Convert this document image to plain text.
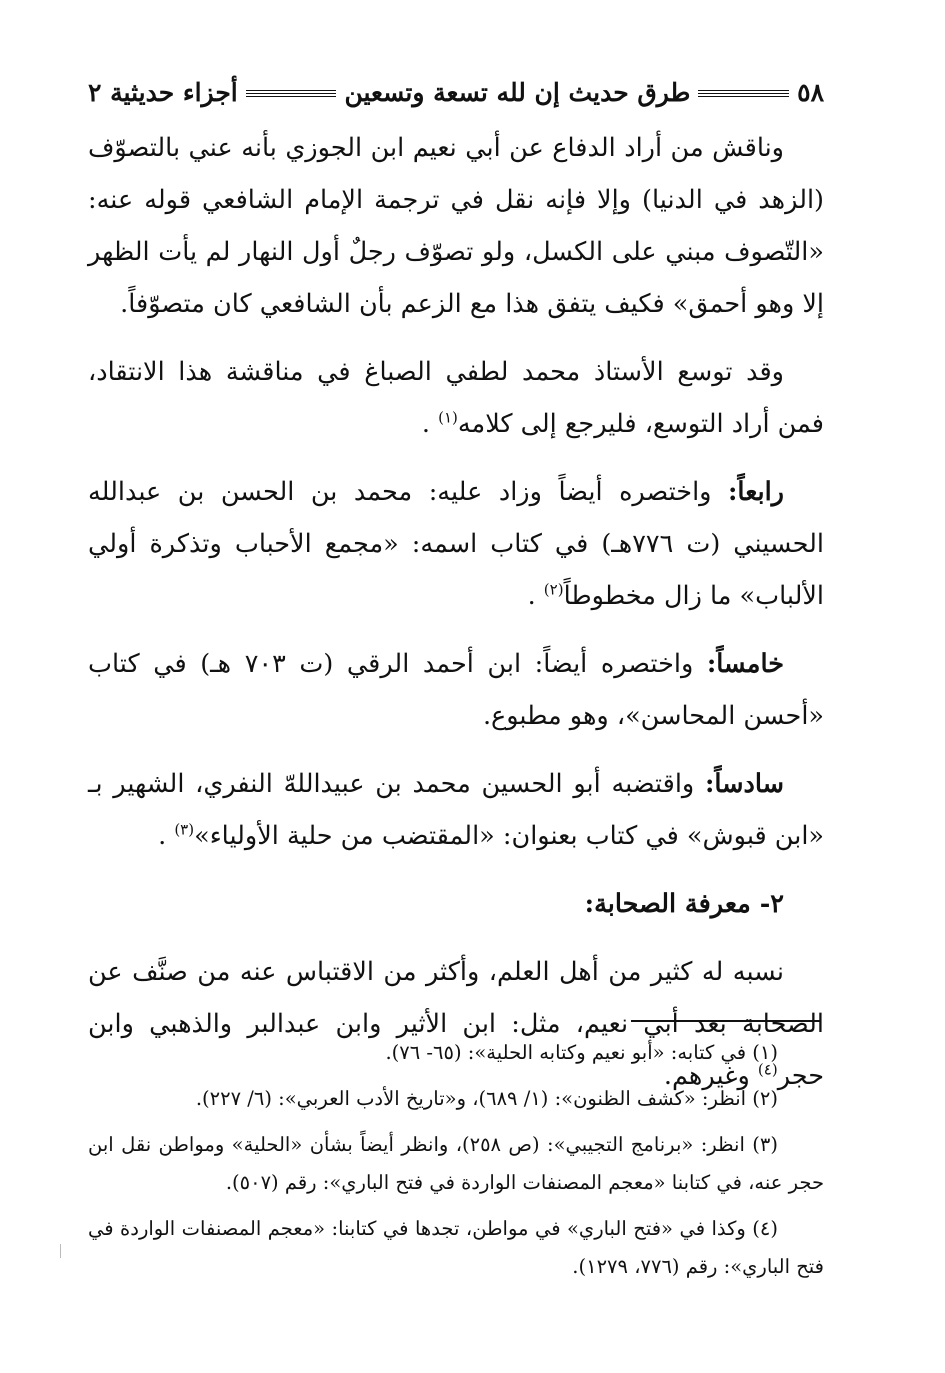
٥٨
طرق حديث إن لله تسعة وتسعين
أجزاء حديثية ٢

وناقش من أراد الدفاع عن أبي نعيم ابن الجوزي بأنه عني بالتصوّف (الزهد في الدنيا) وإلا فإنه نقل في ترجمة الإمام الشافعي قوله عنه: «التّصوف مبني على الكسل، ولو تصوّف رجلٌ أول النهار لم يأت الظهر إلا وهو أحمق» فكيف يتفق هذا مع الزعم بأن الشافعي كان متصوّفاً.

وقد توسع الأستاذ محمد لطفي الصباغ في مناقشة هذا الانتقاد، فمن أراد التوسع، فليرجع إلى كلامه$^{(١)}$ .

رابعاً: واختصره أيضاً وزاد عليه: محمد بن الحسن بن عبدالله الحسيني (ت ٧٧٦هـ) في كتاب اسمه: «مجمع الأحباب وتذكرة أولي الألباب» ما زال مخطوطاً$^{(٢)}$ .

خامساً: واختصره أيضاً: ابن أحمد الرقي (ت ٧٠٣ هـ) في كتاب «أحسن المحاسن»، وهو مطبوع.

سادساً: واقتضبه أبو الحسين محمد بن عبيداللهّ النفري، الشهير بـ «ابن قبوش» في كتاب بعنوان: «المقتضب من حلية الأولياء»$^{(٣)}$ .

٢- معرفة الصحابة:

نسبه له كثير من أهل العلم، وأكثر من الاقتباس عنه من صنَّف عن الصحابة بعد أبي نعيم، مثل: ابن الأثير وابن عبدالبر والذهبي وابن حجر$^{(٤)}$ وغيرهم.

(١) في كتابه: «أبو نعيم وكتابه الحلية»: (٦٥- ٧٦).

(٢) انظر: «كشف الظنون»: (١/ ٦٨٩)، و«تاريخ الأدب العربي»: (٦/ ٢٢٧).

(٣) انظر: «برنامج التجيبي»: (ص ٢٥٨)، وانظر أيضاً بشأن «الحلية» ومواطن نقل ابن حجر عنه، في كتابنا «معجم المصنفات الواردة في فتح الباري»: رقم (٥٠٧).

(٤) وكذا في «فتح الباري» في مواطن، تجدها في كتابنا: «معجم المصنفات الواردة في فتح الباري»: رقم (٧٧٦، ١٢٧٩).
